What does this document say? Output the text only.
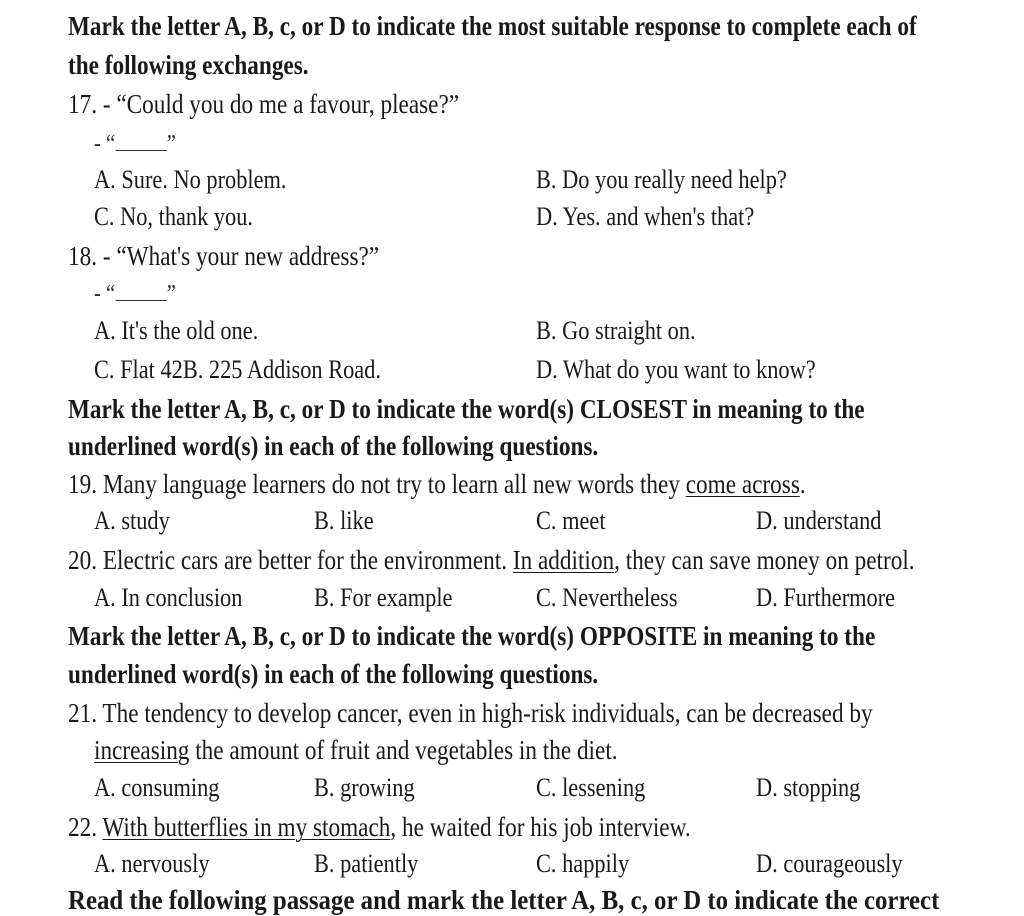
Mark the letter A, B, c, or D to indicate the most suitable response to complete each of
the following exchanges.
17. - “Could you do me a favour, please?”
- “ ”
A. Sure. No problem.	B. Do you really need help?
C. No, thank you.	D. Yes. and when's that?
18. - “What's your new address?”
- “ ”
A. It's the old one.	B. Go straight on.
C. Flat 42B. 225 Addison Road.	D. What do you want to know?
Mark the letter A, B, c, or D to indicate the word(s) CLOSEST in meaning to the
underlined word(s) in each of the following questions.
19. Many language learners do not try to learn all new words they come across.
A. study	B. like	C. meet	D. understand
20. Electric cars are better for the environment. In addition, they can save money on petrol.
A. In conclusion	B. For example	C. Nevertheless	D. Furthermore
Mark the letter A, B, c, or D to indicate the word(s) OPPOSITE in meaning to the
underlined word(s) in each of the following questions.
21. The tendency to develop cancer, even in high-risk individuals, can be decreased by
increasing the amount of fruit and vegetables in the diet.
A. consuming	B. growing	C. lessening	D. stopping
22. With butterflies in my stomach, he waited for his job interview.
A. nervously	B. patiently	C. happily	D. courageously
Read the following passage and mark the letter A, B, c, or D to indicate the correct
